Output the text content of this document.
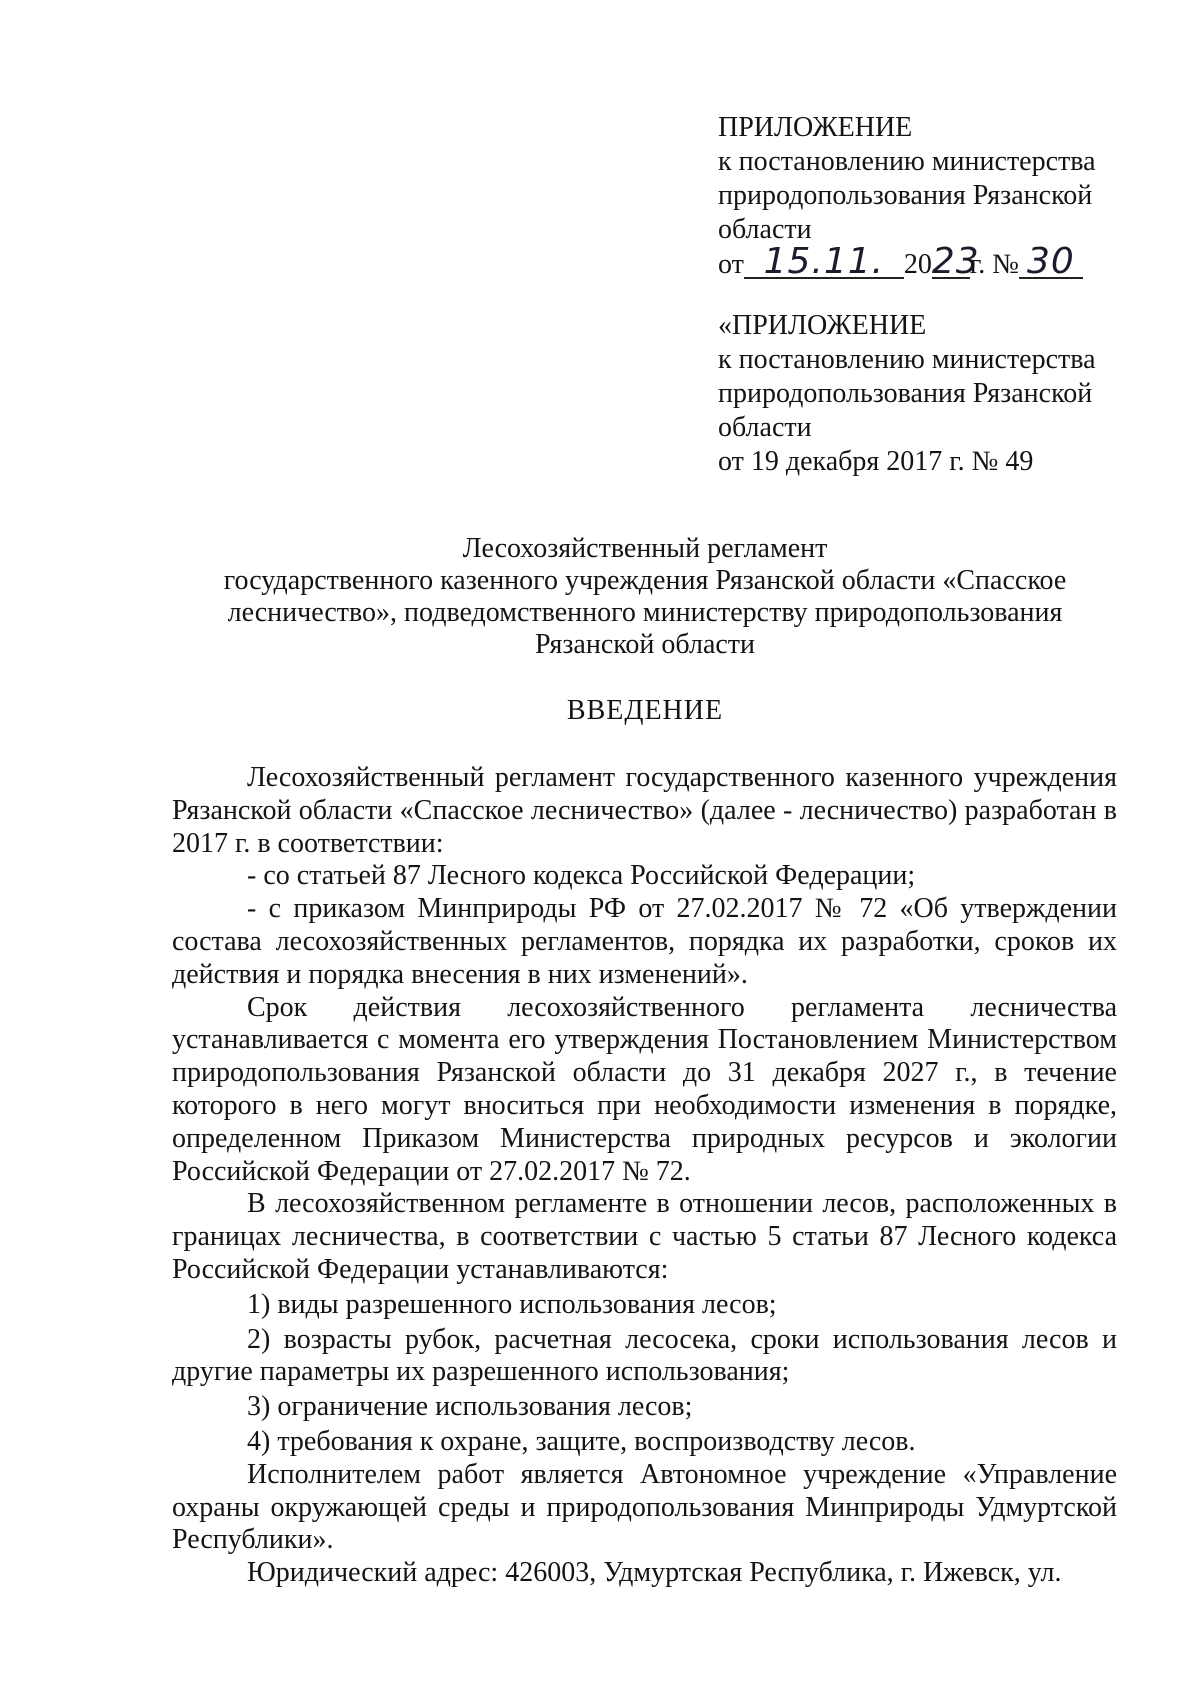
ПРИЛОЖЕНИЕ
к постановлению министерства
природопользования Рязанской
области
от 15.11. 2023г. № 30
«ПРИЛОЖЕНИЕ
к постановлению министерства
природопользования Рязанской
области
от 19 декабря 2017 г. № 49
Лесохозяйственный регламент
государственного казенного учреждения Рязанской области «Спасское
лесничество», подведомственного министерству природопользования
Рязанской области
ВВЕДЕНИЕ

Лесохозяйственный регламент государственного казенного учреждения Рязанской области «Спасское лесничество» (далее - лесничество) разработан в 2017 г. в соответствии:

- со статьей 87 Лесного кодекса Российской Федерации;

- с приказом Минприроды РФ от 27.02.2017 № 72 «Об утверждении состава лесохозяйственных регламентов, порядка их разработки, сроков их действия и порядка внесения в них изменений».

Срок действия лесохозяйственного регламента лесничества устанавливается с момента его утверждения Постановлением Министерством природопользования Рязанской области до 31 декабря 2027 г., в течение которого в него могут вноситься при необходимости изменения в порядке, определенном Приказом Министерства природных ресурсов и экологии Российской Федерации от 27.02.2017 № 72.

В лесохозяйственном регламенте в отношении лесов, расположенных в границах лесничества, в соответствии с частью 5 статьи 87 Лесного кодекса Российской Федерации устанавливаются:

1) виды разрешенного использования лесов;

2) возрасты рубок, расчетная лесосека, сроки использования лесов и другие параметры их разрешенного использования;

3) ограничение использования лесов;

4) требования к охране, защите, воспроизводству лесов.

Исполнителем работ является Автономное учреждение «Управление охраны окружающей среды и природопользования Минприроды Удмуртской Республики».

Юридический адрес: 426003, Удмуртская Республика, г. Ижевск, ул.
